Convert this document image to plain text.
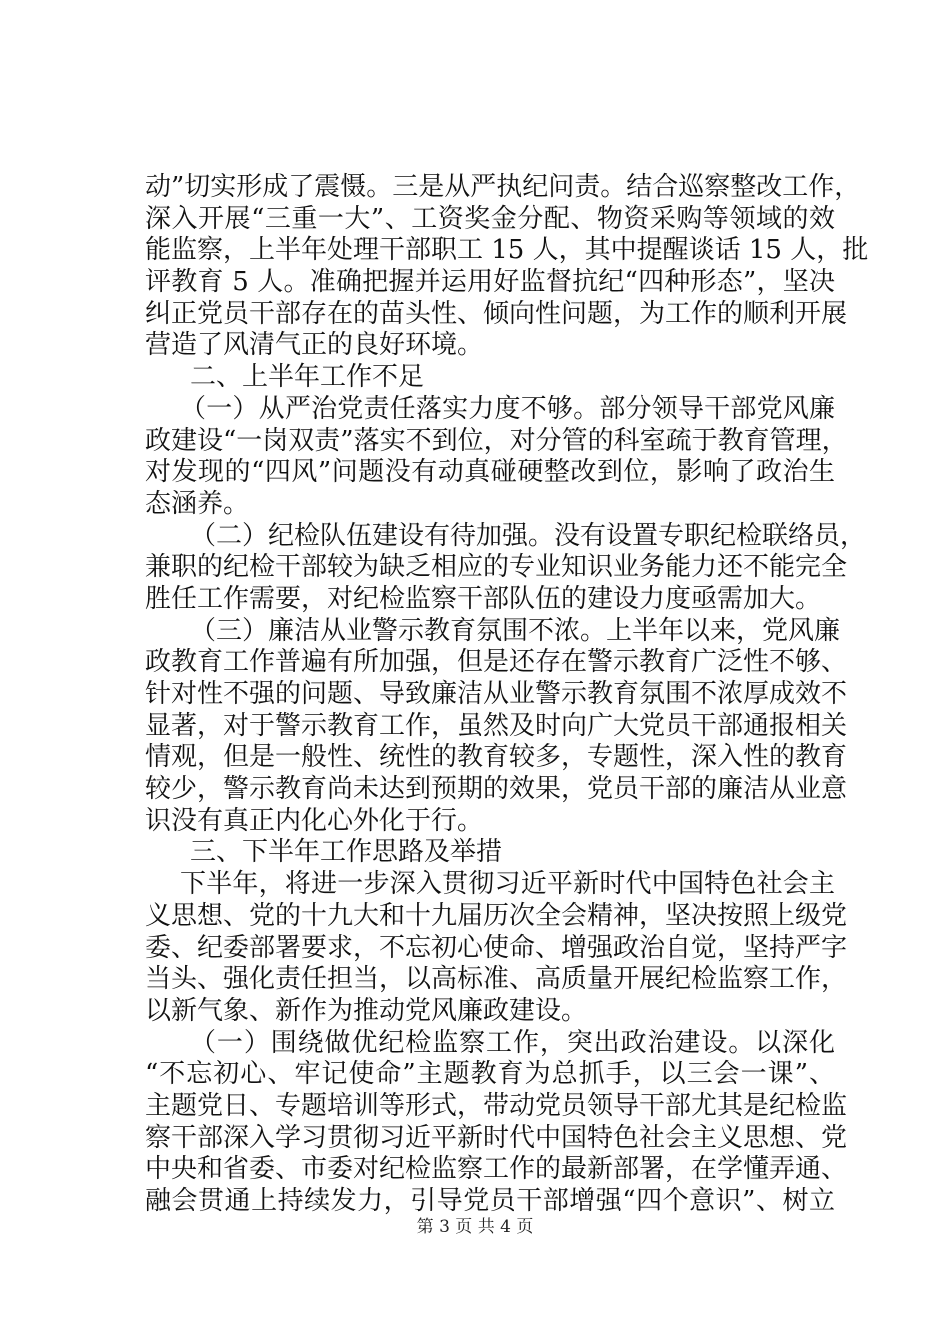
动”切实形成了震慑。三是从严执纪问责。结合巡察整改工作，
深入开展“三重一大”、工资奖金分配、物资采购等领域的效
能监察，上半年处理干部职工 15 人，其中提醒谈话 15 人，批
评教育 5 人。准确把握并运用好监督抗纪“四种形态”，坚决
纠正党员干部存在的苗头性、倾向性问题，为工作的顺利开展
营造了风清气正的良好环境。
二、上半年工作不足
（一）从严治党责任落实力度不够。部分领导干部党风廉
政建设“一岗双责”落实不到位，对分管的科室疏于教育管理，
对发现的“四风”问题没有动真碰硬整改到位，影响了政治生
态涵养。
（二）纪检队伍建设有待加强。没有设置专职纪检联络员，
兼职的纪检干部较为缺乏相应的专业知识业务能力还不能完全
胜任工作需要，对纪检监察干部队伍的建设力度亟需加大。
（三）廉洁从业警示教育氛围不浓。上半年以来，党风廉
政教育工作普遍有所加强，但是还存在警示教育广泛性不够、
针对性不强的问题、导致廉洁从业警示教育氛围不浓厚成效不
显著，对于警示教育工作，虽然及时向广大党员干部通报相关
情观，但是一般性、统性的教育较多，专题性，深入性的教育
较少，警示教育尚未达到预期的效果，党员干部的廉洁从业意
识没有真正内化心外化于行。
三、下半年工作思路及举措
下半年，将进一步深入贯彻习近平新时代中国特色社会主
义思想、党的十九大和十九届历次全会精神，坚决按照上级党
委、纪委部署要求，不忘初心使命、增强政治自觉，坚持严字
当头、强化责任担当，以高标准、高质量开展纪检监察工作，
以新气象、新作为推动党风廉政建设。
（一）围绕做优纪检监察工作，突出政治建设。以深化
“不忘初心、牢记使命”主题教育为总抓手，以三会一课”、
主题党日、专题培训等形式，带动党员领导干部尤其是纪检监
察干部深入学习贯彻习近平新时代中国特色社会主义思想、党
中央和省委、市委对纪检监察工作的最新部署，在学懂弄通、
融会贯通上持续发力，引导党员干部增强“四个意识”、树立
第 3 页 共 4 页
